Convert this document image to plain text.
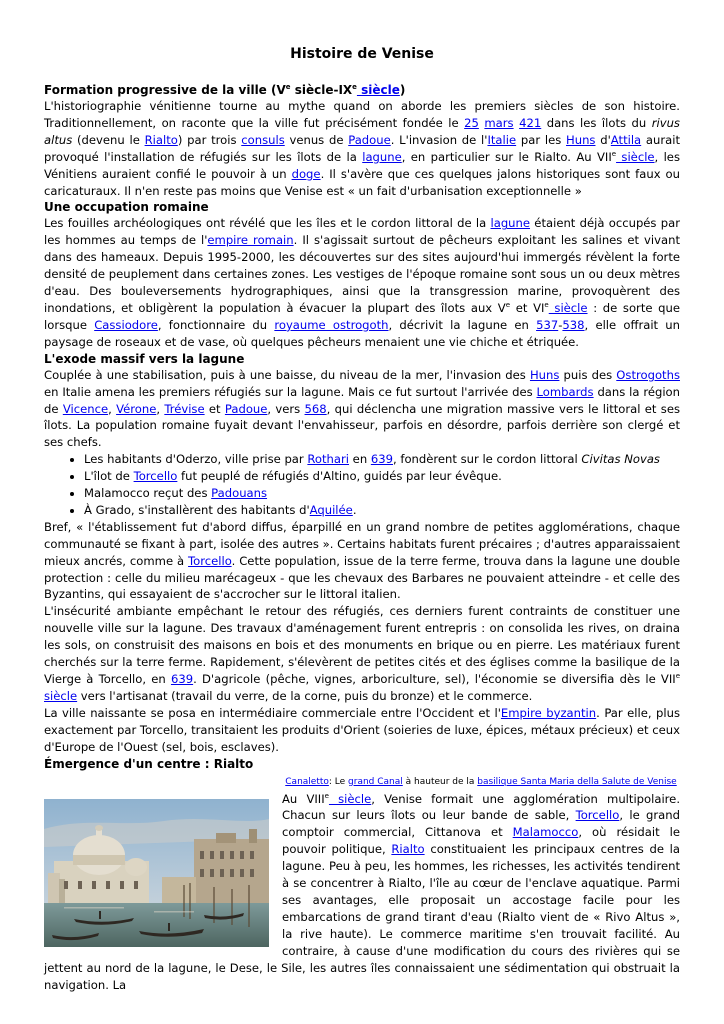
Histoire de Venise
Formation progressive de la ville (Ve siècle-IXe siècle)

L'historiographie vénitienne tourne au mythe quand on aborde les premiers siècles de son histoire. Traditionnellement, on raconte que la ville fut précisément fondée le 25 mars 421 dans les îlots du rivus altus (devenu le Rialto) par trois consuls venus de Padoue. L'invasion de l'Italie par les Huns d'Attila aurait provoqué l'installation de réfugiés sur les îlots de la lagune, en particulier sur le Rialto. Au VIIe siècle, les Vénitiens auraient confié le pouvoir à un doge. Il s'avère que ces quelques jalons historiques sont faux ou caricaturaux. Il n'en reste pas moins que Venise est « un fait d'urbanisation exceptionnelle »

Une occupation romaine

Les fouilles archéologiques ont révélé que les îles et le cordon littoral de la lagune étaient déjà occupés par les hommes au temps de l'empire romain. Il s'agissait surtout de pêcheurs exploitant les salines et vivant dans des hameaux. Depuis 1995-2000, les découvertes sur des sites aujourd'hui immergés révèlent la forte densité de peuplement dans certaines zones. Les vestiges de l'époque romaine sont sous un ou deux mètres d'eau. Des bouleversements hydrographiques, ainsi que la transgression marine, provoquèrent des inondations, et obligèrent la population à évacuer la plupart des îlots aux Ve et VIe siècle : de sorte que lorsque Cassiodore, fonctionnaire du royaume ostrogoth, décrivit la lagune en 537-538, elle offrait un paysage de roseaux et de vase, où quelques pêcheurs menaient une vie chiche et étriquée.

L'exode massif vers la lagune

Couplée à une stabilisation, puis à une baisse, du niveau de la mer, l'invasion des Huns puis des Ostrogoths en Italie amena les premiers réfugiés sur la lagune. Mais ce fut surtout l'arrivée des Lombards dans la région de Vicence, Vérone, Trévise et Padoue, vers 568, qui déclencha une migration massive vers le littoral et ses îlots. La population romaine fuyait devant l'envahisseur, parfois en désordre, parfois derrière son clergé et ses chefs.

• Les habitants d'Oderzo, ville prise par Rothari en 639, fondèrent sur le cordon littoral Civitas Novas
• L'îlot de Torcello fut peuplé de réfugiés d'Altino, guidés par leur évêque.
• Malamocco reçut des Padouans
• À Grado, s'installèrent des habitants d'Aquilée.

Bref, « l'établissement fut d'abord diffus, éparpillé en un grand nombre de petites agglomérations, chaque communauté se fixant à part, isolée des autres ». Certains habitats furent précaires ; d'autres apparaissaient mieux ancrés, comme à Torcello. Cette population, issue de la terre ferme, trouva dans la lagune une double protection : celle du milieu marécageux - que les chevaux des Barbares ne pouvaient atteindre - et celle des Byzantins, qui essayaient de s'accrocher sur le littoral italien.

L'insécurité ambiante empêchant le retour des réfugiés, ces derniers furent contraints de constituer une nouvelle ville sur la lagune. Des travaux d'aménagement furent entrepris : on consolida les rives, on draina les sols, on construisit des maisons en bois et des monuments en brique ou en pierre. Les matériaux furent cherchés sur la terre ferme. Rapidement, s'élevèrent de petites cités et des églises comme la basilique de la Vierge à Torcello, en 639. D'agricole (pêche, vignes, arboriculture, sel), l'économie se diversifia dès le VIIe siècle vers l'artisanat (travail du verre, de la corne, puis du bronze) et le commerce.

La ville naissante se posa en intermédiaire commerciale entre l'Occident et l'Empire byzantin. Par elle, plus exactement par Torcello, transitaient les produits d'Orient (soieries de luxe, épices, métaux précieux) et ceux d'Europe de l'Ouest (sel, bois, esclaves).

Émergence d'un centre : Rialto

Canaletto: Le grand Canal à hauteur de la basilique Santa Maria della Salute de Venise

Au VIIIe siècle, Venise formait une agglomération multipolaire. Chacun sur leurs îlots ou leur bande de sable, Torcello, le grand comptoir commercial, Cittanova et Malamocco, où résidait le pouvoir politique, Rialto constituaient les principaux centres de la lagune. Peu à peu, les hommes, les richesses, les activités tendirent à se concentrer à Rialto, l'île au cœur de l'enclave aquatique. Parmi ses avantages, elle proposait un accostage facile pour les embarcations de grand tirant d'eau (Rialto vient de « Rivo Altus », la rive haute). Le commerce maritime s'en trouvait facilité. Au contraire, à cause d'une modification du cours des rivières qui se jettent au nord de la lagune, le Dese, le Sile, les autres îles connaissaient une sédimentation qui obstruait la navigation. La
